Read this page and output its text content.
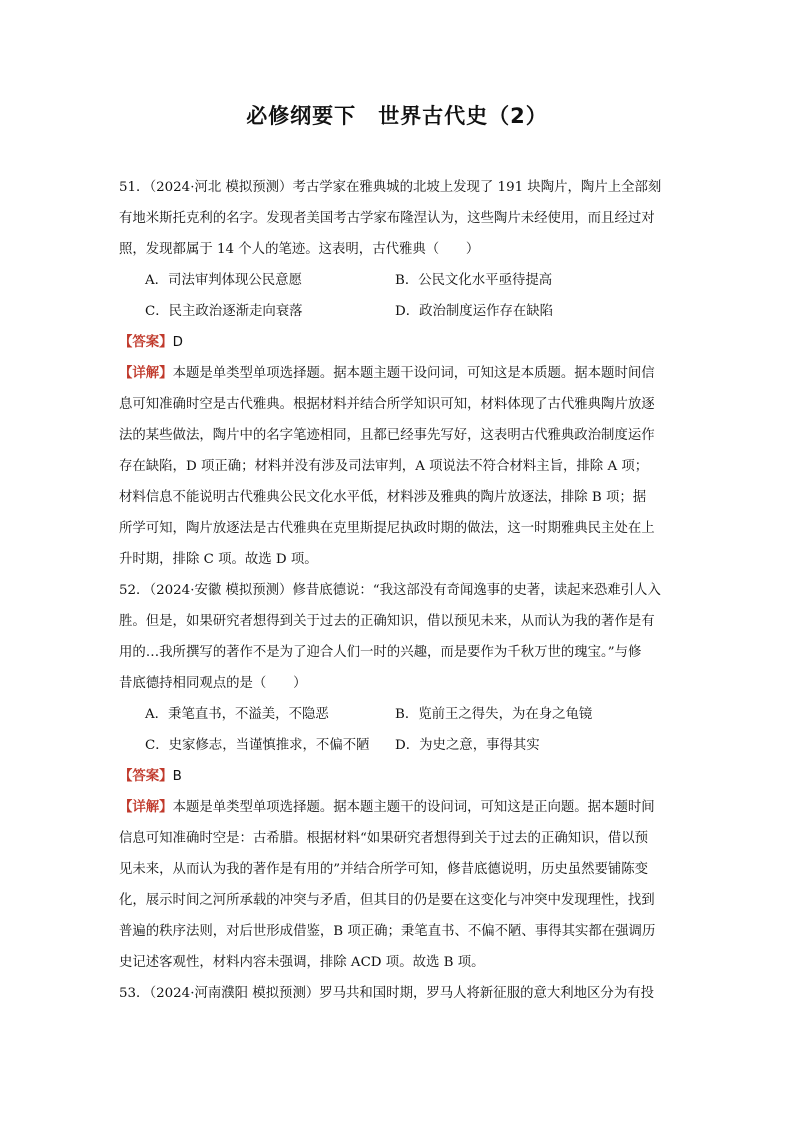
必修纲要下 世界古代史（2）
51．（2024·河北 模拟预测）考古学家在雅典城的北坡上发现了 191 块陶片，陶片上全部刻
有地米斯托克利的名字。发现者美国考古学家布隆涅认为，这些陶片未经使用，而且经过对
照，发现都属于 14 个人的笔迹。这表明，古代雅典（　　）
A．司法审判体现公民意愿	B．公民文化水平亟待提高
C．民主政治逐渐走向衰落	D．政治制度运作存在缺陷
【答案】D
【详解】本题是单类型单项选择题。据本题主题干设问词，可知这是本质题。据本题时间信
息可知准确时空是古代雅典。根据材料并结合所学知识可知，材料体现了古代雅典陶片放逐
法的某些做法，陶片中的名字笔迹相同，且都已经事先写好，这表明古代雅典政治制度运作
存在缺陷，D 项正确；材料并没有涉及司法审判，A 项说法不符合材料主旨，排除 A 项；
材料信息不能说明古代雅典公民文化水平低，材料涉及雅典的陶片放逐法，排除 B 项；据
所学可知，陶片放逐法是古代雅典在克里斯提尼执政时期的做法，这一时期雅典民主处在上
升时期，排除 C 项。故选 D 项。
52．（2024·安徽 模拟预测）修昔底德说：“我这部没有奇闻逸事的史著，读起来恐难引人入
胜。但是，如果研究者想得到关于过去的正确知识，借以预见未来，从而认为我的著作是有
用的…我所撰写的著作不是为了迎合人们一时的兴趣，而是要作为千秋万世的瑰宝。”与修
昔底德持相同观点的是（　　）
A．秉笔直书，不溢美，不隐恶	B．览前王之得失，为在身之龟镜
C．史家修志，当谨慎推求，不偏不陋	D．为史之意，事得其实
【答案】B
【详解】本题是单类型单项选择题。据本题主题干的设问词，可知这是正向题。据本题时间
信息可知准确时空是：古希腊。根据材料“如果研究者想得到关于过去的正确知识，借以预
见未来，从而认为我的著作是有用的”并结合所学可知，修昔底德说明，历史虽然要铺陈变
化，展示时间之河所承载的冲突与矛盾，但其目的仍是要在这变化与冲突中发现理性，找到
普遍的秩序法则，对后世形成借鉴，B 项正确；秉笔直书、不偏不陋、事得其实都在强调历
史记述客观性，材料内容未强调，排除 ACD 项。故选 B 项。
53．（2024·河南濮阳 模拟预测）罗马共和国时期，罗马人将新征服的意大利地区分为有投
